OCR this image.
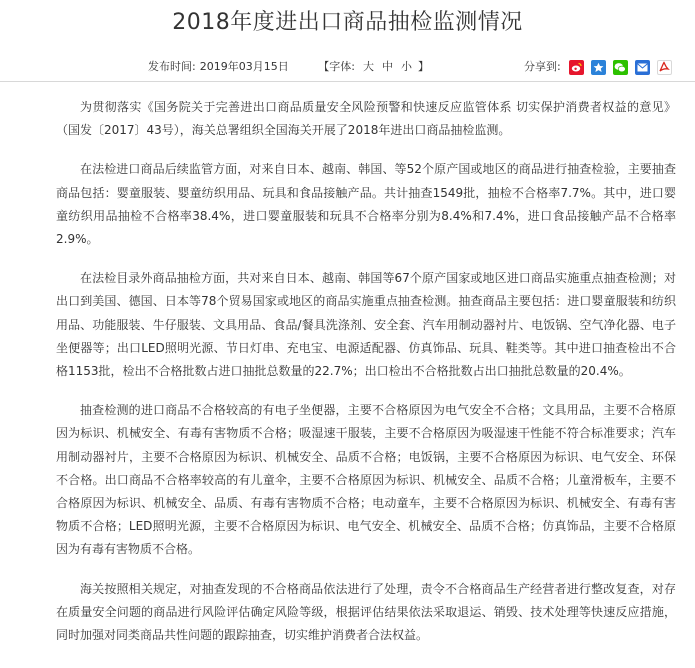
2018年度进出口商品抽检监测情况
发布时间: 2019年03月15日	【字体: 大 中 小 】	分享到:

为贯彻落实《国务院关于完善进出口商品质量安全风险预警和快速反应监管体系 切实保护消费者权益的意见》（国发〔2017〕43号），海关总署组织全国海关开展了2018年进出口商品抽检监测。

在法检进口商品后续监管方面，对来自日本、越南、韩国、等52个原产国或地区的商品进行抽查检验，主要抽查商品包括：婴童服装、婴童纺织用品、玩具和食品接触产品。共计抽查1549批，抽检不合格率7.7%。其中，进口婴童纺织用品抽检不合格率38.4%，进口婴童服装和玩具不合格率分别为8.4%和7.4%，进口食品接触产品不合格率2.9%。

在法检目录外商品抽检方面，共对来自日本、越南、韩国等67个原产国家或地区进口商品实施重点抽查检测；对出口到美国、德国、日本等78个贸易国家或地区的商品实施重点抽查检测。抽查商品主要包括：进口婴童服装和纺织用品、功能服装、牛仔服装、文具用品、食品/餐具洗涤剂、安全套、汽车用制动器衬片、电饭锅、空气净化器、电子坐便器等；出口LED照明光源、节日灯串、充电宝、电源适配器、仿真饰品、玩具、鞋类等。其中进口抽查检出不合格1153批，检出不合格批数占进口抽批总数量的22.7%；出口检出不合格批数占出口抽批总数量的20.4%。

抽查检测的进口商品不合格较高的有电子坐便器，主要不合格原因为电气安全不合格；文具用品，主要不合格原因为标识、机械安全、有毒有害物质不合格；吸湿速干服装，主要不合格原因为吸湿速干性能不符合标准要求；汽车用制动器衬片，主要不合格原因为标识、机械安全、品质不合格；电饭锅，主要不合格原因为标识、电气安全、环保不合格。出口商品不合格率较高的有儿童伞，主要不合格原因为标识、机械安全、品质不合格；儿童滑板车，主要不合格原因为标识、机械安全、品质、有毒有害物质不合格；电动童车，主要不合格原因为标识、机械安全、有毒有害物质不合格；LED照明光源，主要不合格原因为标识、电气安全、机械安全、品质不合格；仿真饰品，主要不合格原因为有毒有害物质不合格。

海关按照相关规定，对抽查发现的不合格商品依法进行了处理，责令不合格商品生产经营者进行整改复查，对存在质量安全问题的商品进行风险评估确定风险等级，根据评估结果依法采取退运、销毁、技术处理等快速反应措施，同时加强对同类商品共性问题的跟踪抽查，切实维护消费者合法权益。
